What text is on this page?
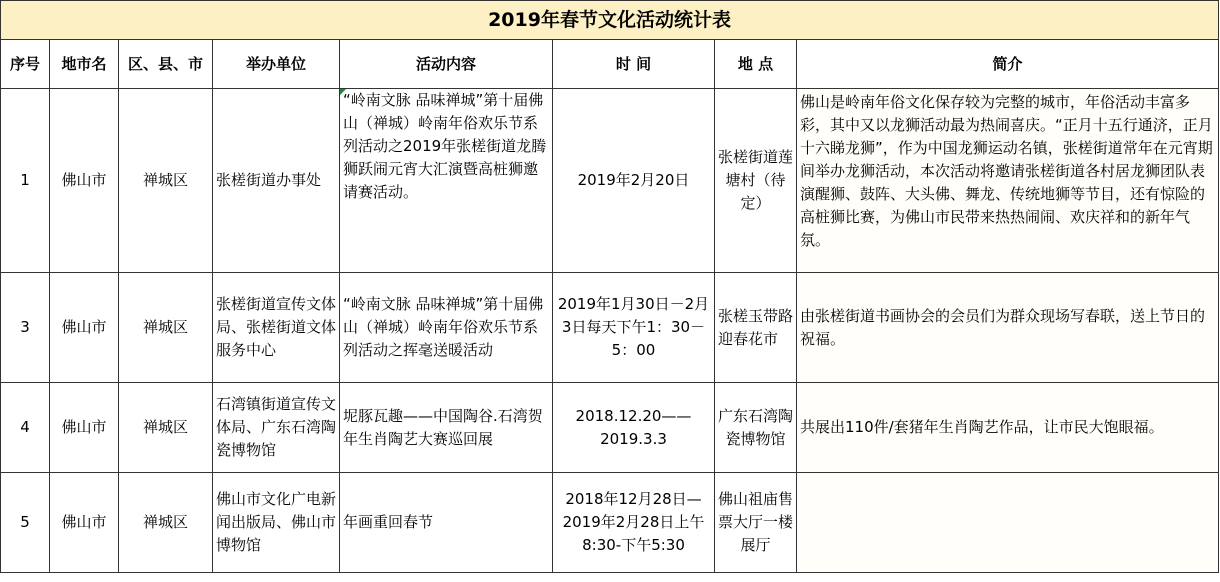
2019年春节文化活动统计表							
序号	地市名	区、县、市	举办单位	活动内容	时 间	地 点	简介
1	佛山市	禅城区	张槎街道办事处	“岭南文脉 品味禅城”第十届佛山（禅城）岭南年俗欢乐节系列活动之2019年张槎街道龙腾狮跃闹元宵大汇演暨高桩狮邀请赛活动。	2019年2月20日	张槎街道莲塘村（待定）	佛山是岭南年俗文化保存较为完整的城市，年俗活动丰富多彩，其中又以龙狮活动最为热闹喜庆。“正月十五行通济，正月十六睇龙狮”，作为中国龙狮运动名镇，张槎街道常年在元宵期间举办龙狮活动，本次活动将邀请张槎街道各村居龙狮团队表演醒狮、鼓阵、大头佛、舞龙、传统地狮等节目，还有惊险的高桩狮比赛，为佛山市民带来热热闹闹、欢庆祥和的新年气氛。
3	佛山市	禅城区	张槎街道宣传文体局、张槎街道文体服务中心	“岭南文脉 品味禅城”第十届佛山（禅城）岭南年俗欢乐节系列活动之挥毫送暖活动	2019年1月30日－2月3日每天下午1：30－5：00	张槎玉带路迎春花市	由张槎街道书画协会的会员们为群众现场写春联，送上节日的祝福。
4	佛山市	禅城区	石湾镇街道宣传文体局、广东石湾陶瓷博物馆	坭豚瓦趣——中国陶谷.石湾贺年生肖陶艺大赛巡回展	2018.12.20——2019.3.3	广东石湾陶瓷博物馆	共展出110件/套猪年生肖陶艺作品，让市民大饱眼福。
5	佛山市	禅城区	佛山市文化广电新闻出版局、佛山市博物馆	年画重回春节	2018年12月28日—2019年2月28日上午8:30-下午5:30	佛山祖庙售票大厅一楼展厅	
